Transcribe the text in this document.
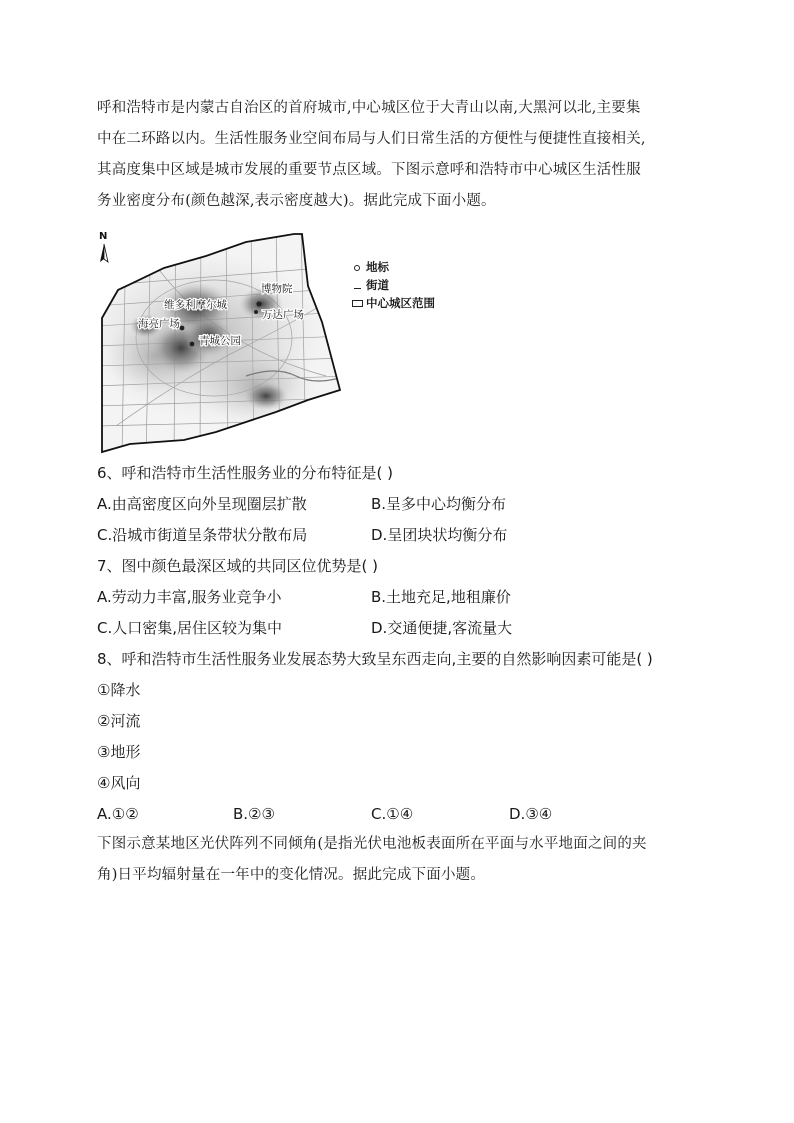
呼和浩特市是内蒙古自治区的首府城市,中心城区位于大青山以南,大黑河以北,主要集

中在二环路以内。生活性服务业空间布局与人们日常生活的方便性与便捷性直接相关,

其高度集中区域是城市发展的重要节点区域。下图示意呼和浩特市中心城区生活性服

务业密度分布(颜色越深,表示密度越大)。据此完成下面小题。

N
维多利摩尔城
博物院
万达广场
海亮广场
青城公园
地标
街道
中心城区范围
6、呼和浩特市生活性服务业的分布特征是( )
A.由高密度区向外呈现圈层扩散	B.呈多中心均衡分布
C.沿城市街道呈条带状分散布局	D.呈团块状均衡分布
7、图中颜色最深区域的共同区位优势是( )
A.劳动力丰富,服务业竞争小	B.土地充足,地租廉价
C.人口密集,居住区较为集中	D.交通便捷,客流量大
8、呼和浩特市生活性服务业发展态势大致呈东西走向,主要的自然影响因素可能是( )
①降水
②河流
③地形
④风向
A.①②	B.②③	C.①④	D.③④

下图示意某地区光伏阵列不同倾角(是指光伏电池板表面所在平面与水平地面之间的夹

角)日平均辐射量在一年中的变化情况。据此完成下面小题。
